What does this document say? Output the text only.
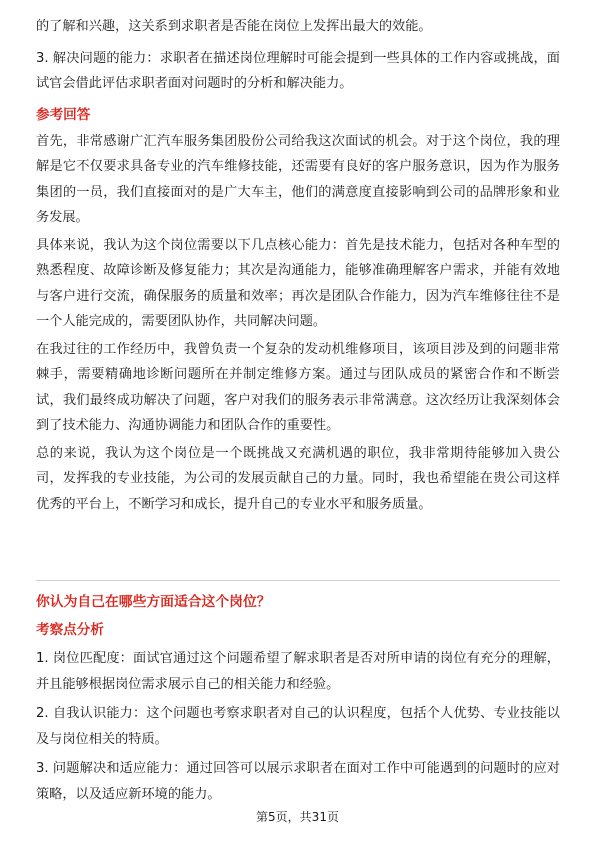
的了解和兴趣，这关系到求职者是否能在岗位上发挥出最大的效能。

3. 解决问题的能力：求职者在描述岗位理解时可能会提到一些具体的工作内容或挑战，面试官会借此评估求职者面对问题时的分析和解决能力。

参考回答

首先，非常感谢广汇汽车服务集团股份公司给我这次面试的机会。对于这个岗位，我的理解是它不仅要求具备专业的汽车维修技能，还需要有良好的客户服务意识，因为作为服务集团的一员，我们直接面对的是广大车主，他们的满意度直接影响到公司的品牌形象和业务发展。

具体来说，我认为这个岗位需要以下几点核心能力：首先是技术能力，包括对各种车型的熟悉程度、故障诊断及修复能力；其次是沟通能力，能够准确理解客户需求，并能有效地与客户进行交流，确保服务的质量和效率；再次是团队合作能力，因为汽车维修往往不是一个人能完成的，需要团队协作，共同解决问题。

在我过往的工作经历中，我曾负责一个复杂的发动机维修项目，该项目涉及到的问题非常棘手，需要精确地诊断问题所在并制定维修方案。通过与团队成员的紧密合作和不断尝试，我们最终成功解决了问题，客户对我们的服务表示非常满意。这次经历让我深刻体会到了技术能力、沟通协调能力和团队合作的重要性。

总的来说，我认为这个岗位是一个既挑战又充满机遇的职位，我非常期待能够加入贵公司，发挥我的专业技能，为公司的发展贡献自己的力量。同时，我也希望能在贵公司这样优秀的平台上，不断学习和成长，提升自己的专业水平和服务质量。

你认为自己在哪些方面适合这个岗位？
考察点分析

1. 岗位匹配度：面试官通过这个问题希望了解求职者是否对所申请的岗位有充分的理解，并且能够根据岗位需求展示自己的相关能力和经验。

2. 自我认识能力：这个问题也考察求职者对自己的认识程度，包括个人优势、专业技能以及与岗位相关的特质。

3. 问题解决和适应能力：通过回答可以展示求职者在面对工作中可能遇到的问题时的应对策略，以及适应新环境的能力。

第5页，共31页
